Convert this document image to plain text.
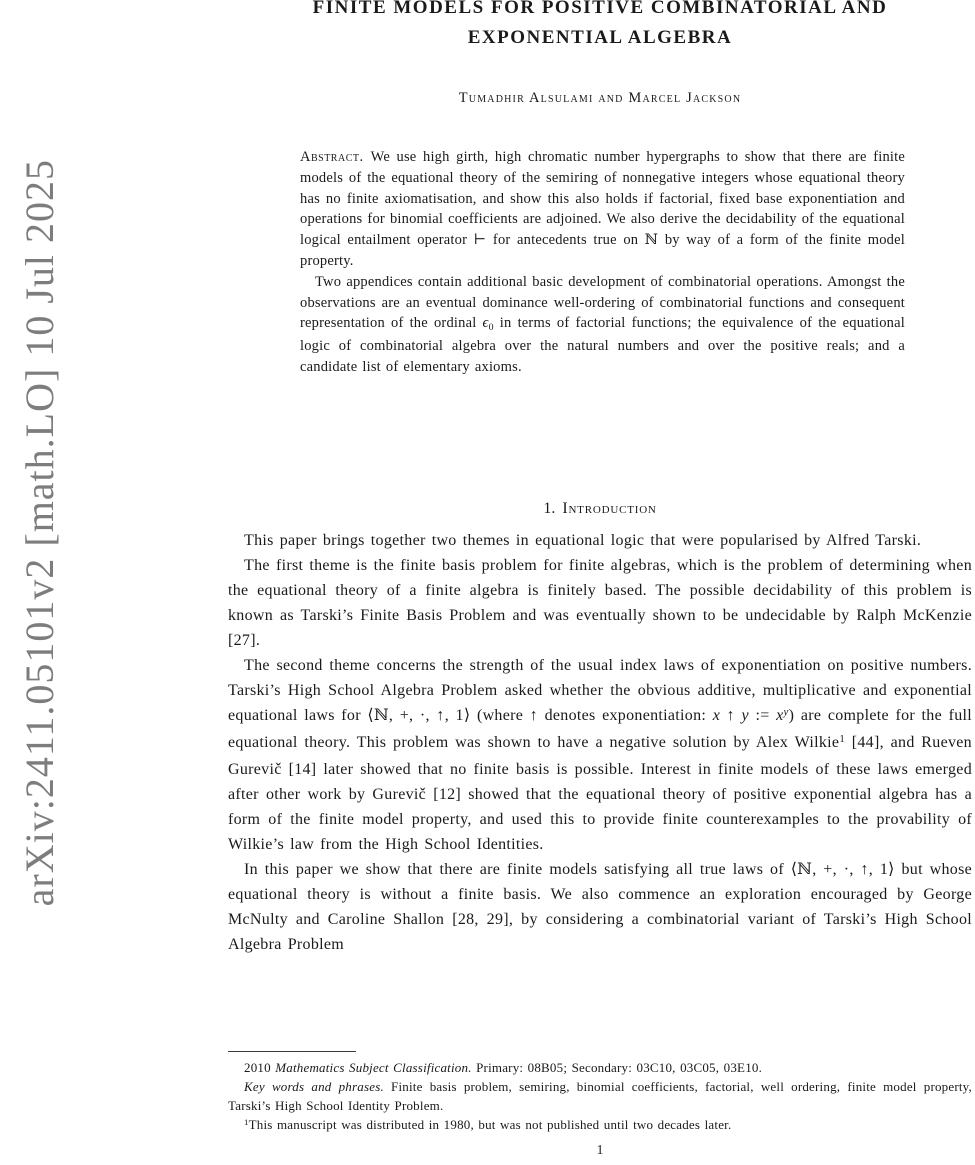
arXiv:2411.05101v2 [math.LO] 10 Jul 2025
FINITE MODELS FOR POSITIVE COMBINATORIAL AND
EXPONENTIAL ALGEBRA
Tumadhir Alsulami and Marcel Jackson

Abstract. We use high girth, high chromatic number hypergraphs to show that there are finite models of the equational theory of the semiring of nonnegative integers whose equational theory has no finite axiomatisation, and show this also holds if factorial, fixed base exponentiation and operations for binomial coefficients are adjoined. We also derive the decidability of the equational logical entailment operator ⊢ for antecedents true on ℕ by way of a form of the finite model property.

Two appendices contain additional basic development of combinatorial operations. Amongst the observations are an eventual dominance well-ordering of combinatorial functions and consequent representation of the ordinal ϵ0 in terms of factorial functions; the equivalence of the equational logic of combinatorial algebra over the natural numbers and over the positive reals; and a candidate list of elementary axioms.

1. Introduction

This paper brings together two themes in equational logic that were popularised by Alfred Tarski.

The first theme is the finite basis problem for finite algebras, which is the problem of determining when the equational theory of a finite algebra is finitely based. The possible decidability of this problem is known as Tarski’s Finite Basis Problem and was eventually shown to be undecidable by Ralph McKenzie [27].

The second theme concerns the strength of the usual index laws of exponentiation on positive numbers. Tarski’s High School Algebra Problem asked whether the obvious additive, multiplicative and exponential equational laws for ⟨ℕ, +, ·, ↑, 1⟩ (where ↑ denotes exponentiation: x ↑ y := $x^y$) are complete for the full equational theory. This problem was shown to have a negative solution by Alex Wilkie$^1$ [44], and Rueven Gurevič [14] later showed that no finite basis is possible. Interest in finite models of these laws emerged after other work by Gurevič [12] showed that the equational theory of positive exponential algebra has a form of the finite model property, and used this to provide finite counterexamples to the provability of Wilkie’s law from the High School Identities.

In this paper we show that there are finite models satisfying all true laws of ⟨ℕ, +, ·, ↑, 1⟩ but whose equational theory is without a finite basis. We also commence an exploration encouraged by George McNulty and Caroline Shallon [28, 29], by considering a combinatorial variant of Tarski’s High School Algebra Problem

2010 Mathematics Subject Classification. Primary: 08B05; Secondary: 03C10, 03C05, 03E10.

Key words and phrases. Finite basis problem, semiring, binomial coefficients, factorial, well ordering, finite model property, Tarski’s High School Identity Problem.

$^1$This manuscript was distributed in 1980, but was not published until two decades later.

1
